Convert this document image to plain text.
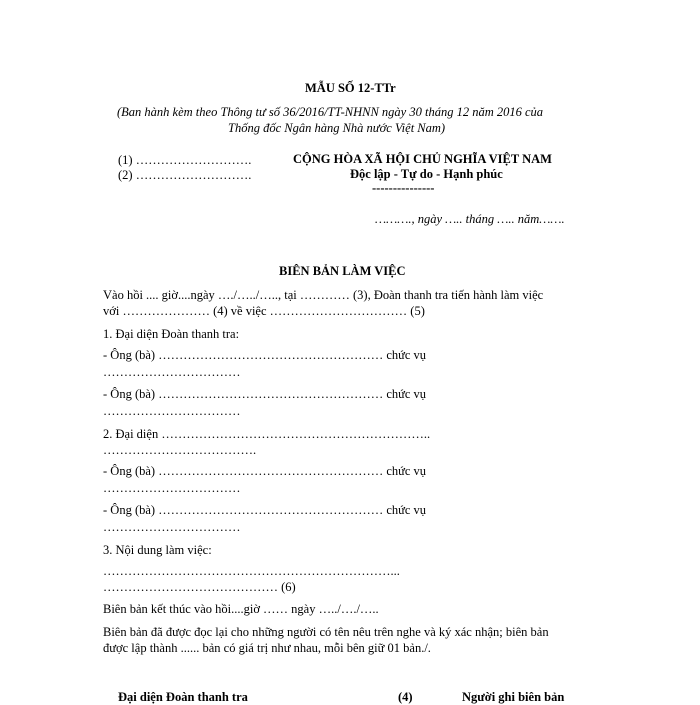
MẪU SỐ 12-TTr
(Ban hành kèm theo Thông tư số 36/2016/TT-NHNN ngày 30 tháng 12 năm 2016 của
Thống đốc Ngân hàng Nhà nước Việt Nam)
(1) ……………………….
(2) ……………………….
CỘNG HÒA XÃ HỘI CHỦ NGHĨA VIỆT NAM
Độc lập - Tự do - Hạnh phúc
---------------
………., ngày ….. tháng ….. năm…….
BIÊN BẢN LÀM VIỆC
Vào hồi .... giờ....ngày …./…../….., tại ………… (3), Đoàn thanh tra tiến hành làm việc
với ………………… (4) về việc …………………………… (5)
1. Đại diện Đoàn thanh tra:
- Ông (bà) ……………………………………………… chức vụ
……………………………
- Ông (bà) ……………………………………………… chức vụ
……………………………
2. Đại diện ………………………………………………………..
……………………………….
- Ông (bà) ……………………………………………… chức vụ
……………………………
- Ông (bà) ……………………………………………… chức vụ
……………………………
3. Nội dung làm việc:
……………………………………………………………...
…………………………………… (6)
Biên bản kết thúc vào hồi....giờ …… ngày …../…./…..
Biên bản đã được đọc lại cho những người có tên nêu trên nghe và ký xác nhận; biên bản
được lập thành ...... bản có giá trị như nhau, mỗi bên giữ 01 bản./.
Đại diện Đoàn thanh tra	(4)	Người ghi biên bản
